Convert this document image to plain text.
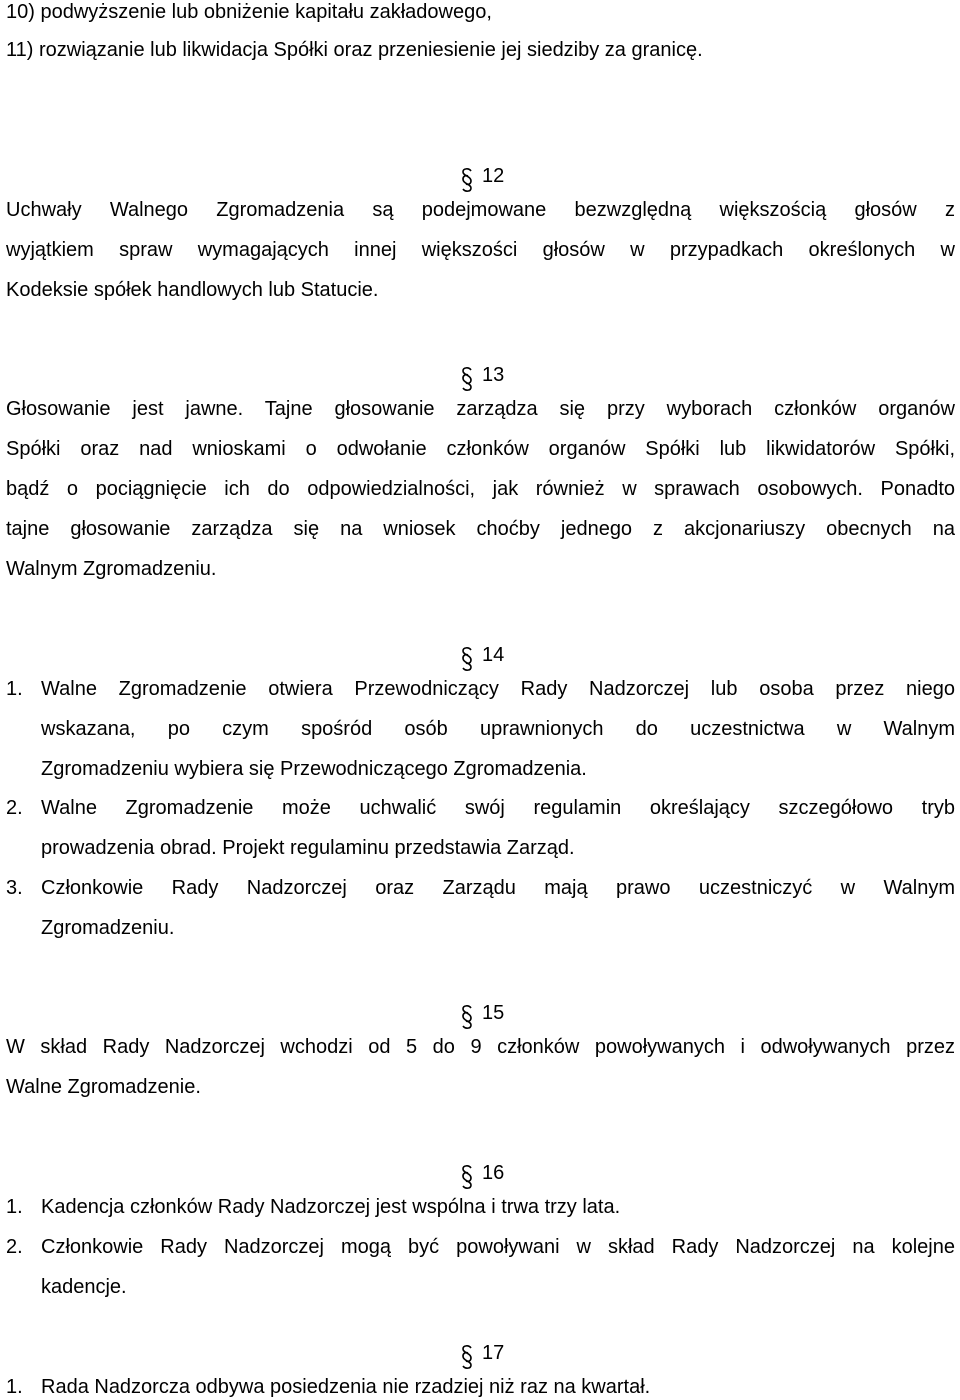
10) podwyższenie lub obniżenie kapitału zakładowego,
11) rozwiązanie lub likwidacja Spółki oraz przeniesienie jej siedziby za granicę.
12
Uchwały Walnego Zgromadzenia są podejmowane bezwzględną większością głosów z
wyjątkiem spraw wymagających innej większości głosów w przypadkach określonych w
Kodeksie spółek handlowych lub Statucie.
13
Głosowanie jest jawne. Tajne głosowanie zarządza się przy wyborach członków organów
Spółki oraz nad wnioskami o odwołanie członków organów Spółki lub likwidatorów Spółki,
bądź o pociągnięcie ich do odpowiedzialności, jak również w sprawach osobowych. Ponadto
tajne głosowanie zarządza się na wniosek choćby jednego z akcjonariuszy obecnych na
Walnym Zgromadzeniu.
14
1. Walne Zgromadzenie otwiera Przewodniczący Rady Nadzorczej lub osoba przez niego
wskazana, po czym spośród osób uprawnionych do uczestnictwa w Walnym
Zgromadzeniu wybiera się Przewodniczącego Zgromadzenia.
2. Walne Zgromadzenie może uchwalić swój regulamin określający szczegółowo tryb
prowadzenia obrad. Projekt regulaminu przedstawia Zarząd.
3. Członkowie Rady Nadzorczej oraz Zarządu mają prawo uczestniczyć w Walnym
Zgromadzeniu.
15
W skład Rady Nadzorczej wchodzi od 5 do 9 członków powoływanych i odwoływanych przez
Walne Zgromadzenie.
16
1. Kadencja członków Rady Nadzorczej jest wspólna i trwa trzy lata.
2. Członkowie Rady Nadzorczej mogą być powoływani w skład Rady Nadzorczej na kolejne
kadencje.
17
1. Rada Nadzorcza odbywa posiedzenia nie rzadziej niż raz na kwartał.
